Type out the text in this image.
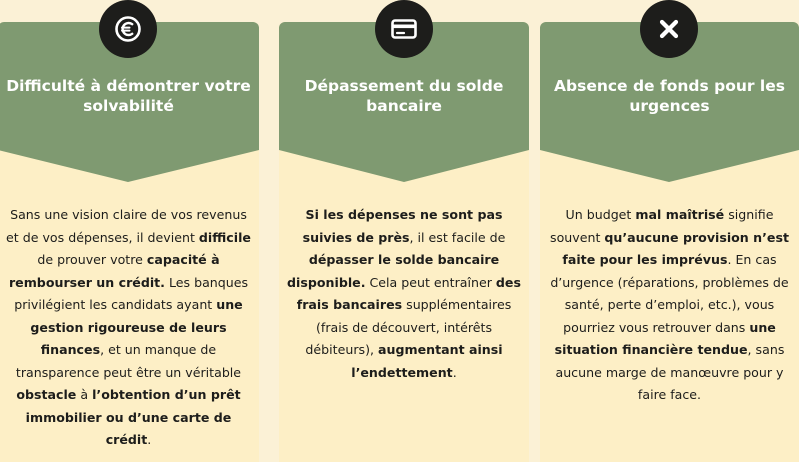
Difficulté à démontrer votre solvabilité

Sans une vision claire de vos revenus et de vos dépenses, il devient difficile de prouver votre capacité à rembourser un crédit. Les banques privilégient les candidats ayant une gestion rigoureuse de leurs finances, et un manque de transparence peut être un véritable obstacle à l’obtention d’un prêt immobilier ou d’une carte de crédit.

Dépassement du solde bancaire

Si les dépenses ne sont pas suivies de près, il est facile de dépasser le solde bancaire disponible. Cela peut entraîner des frais bancaires supplémentaires (frais de découvert, intérêts débiteurs), augmentant ainsi l’endettement.

Absence de fonds pour les urgences

Un budget mal maîtrisé signifie souvent qu’aucune provision n’est faite pour les imprévus. En cas d’urgence (réparations, problèmes de santé, perte d’emploi, etc.), vous pourriez vous retrouver dans une situation financière tendue, sans aucune marge de manœuvre pour y faire face.
